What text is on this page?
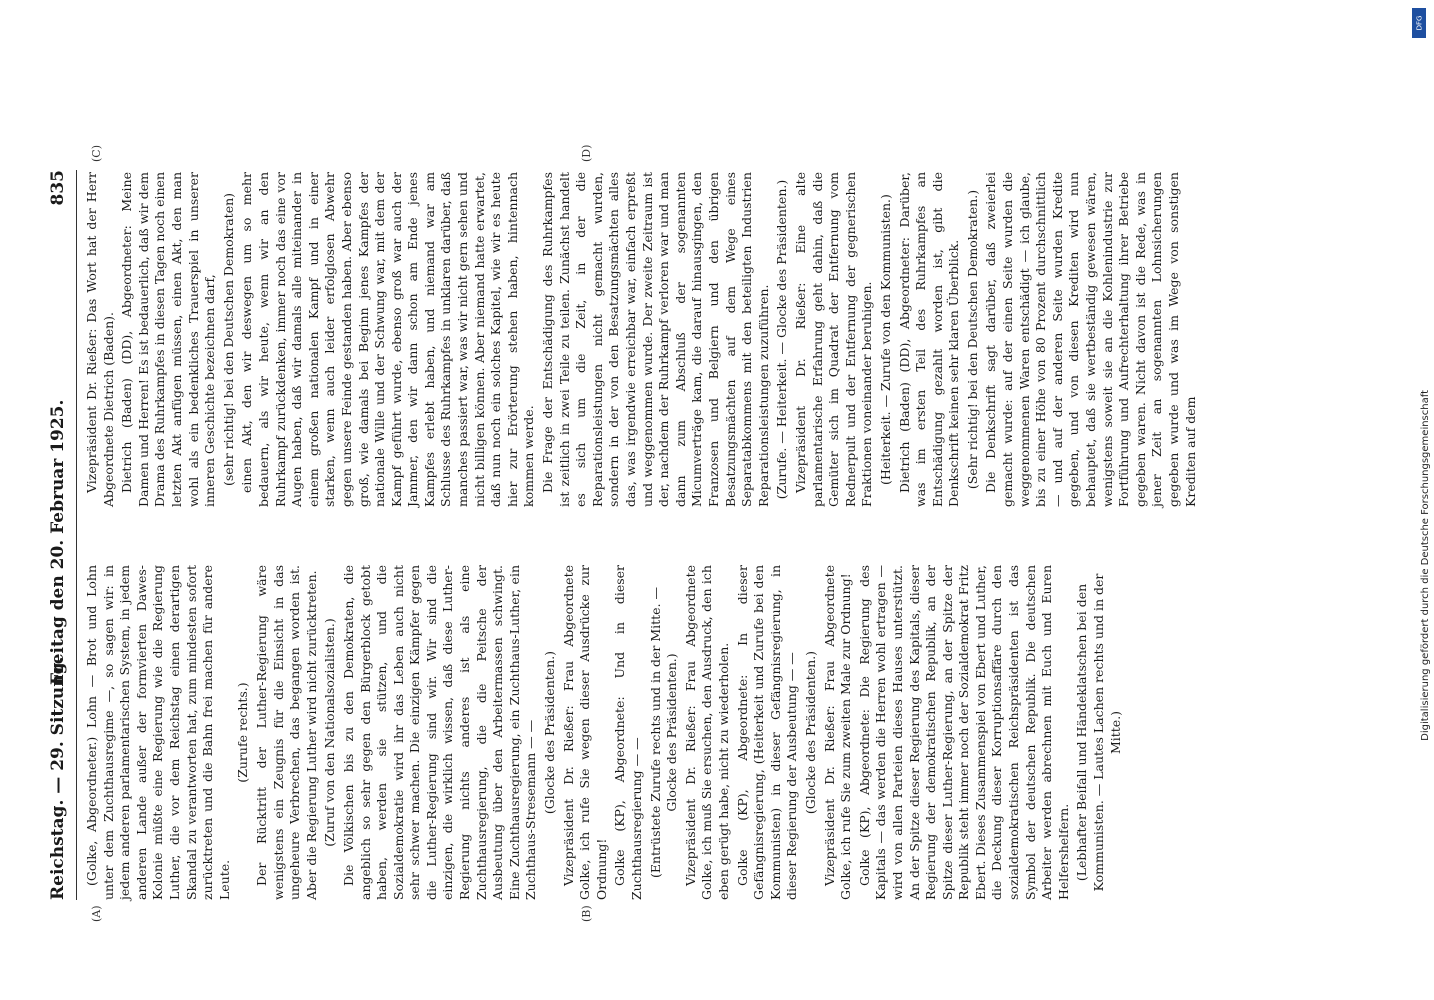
Reichstag. — 29. Sitzung.
Freitag den 20. Februar 1925.
835
(A)	(B)
(C)	(D)

(Golke, Abgeordneter.) Lohn — Brot und Lohn unter dem Zuchthausregime —, so sagen wir: in jedem anderen parlamentarischen System, in jedem anderen Lande außer der formvierten Dawes-Kolonie müßte eine Regierung wie die Regierung Luther, die vor dem Reichstag einen derartigen Skandal zu verantworten hat, zum mindesten sofort zurücktreten und die Bahn frei machen für andere Leute.

(Zurufe rechts.) Der Rücktritt der Luther-Regierung wäre wenigstens ein Zeugnis für die Einsicht in das ungeheure Verbrechen, das begangen worden ist. Aber die Regierung Luther wird nicht zurücktreten. (Zuruf von den Nationalsozialisten.) Die Völkischen bis zu den Demokraten, die angeblich so sehr gegen den Bürgerblock getobt haben, werden sie stützen, und die Sozialdemokratie wird ihr das Leben auch nicht sehr schwer machen. Die einzigen Kämpfer gegen die Luther-Regierung sind wir. Wir sind die einzigen, die wirklich wissen, daß diese Luther-Regierung nichts anderes ist als eine Zuchthausregierung, die die Peitsche der Ausbeutung über den Arbeitermassen schwingt. Eine Zuchthausregierung, ein Zuchthaus-Luther, ein Zuchthaus-Stresemann — — (Glocke des Präsidenten.) Vizepräsident Dr. Rießer: Frau Abgeordnete Golke, ich rufe Sie wegen dieser Ausdrücke zur Ordnung! Golke (KP), Abgeordnete: Und in dieser Zuchthausregierung — — (Entrüstete Zurufe rechts und in der Mitte. — Glocke des Präsidenten.) Vizepräsident Dr. Rießer: Frau Abgeordnete Golke, ich muß Sie ersuchen, den Ausdruck, den ich eben gerügt habe, nicht zu wiederholen. Golke (KP), Abgeordnete: In dieser Gefängnisregierung, (Heiterkeit und Zurufe bei den Kommunisten) in dieser Gefängnisregierung, in dieser Regierung der Ausbeutung — — (Glocke des Präsidenten.) Vizepräsident Dr. Rießer: Frau Abgeordnete Golke, ich rufe Sie zum zweiten Male zur Ordnung! Golke (KP), Abgeordnete: Die Regierung des Kapitals — das werden die Herren wohl ertragen — wird von allen Parteien dieses Hauses unterstützt. An der Spitze dieser Regierung des Kapitals, dieser Regierung der demokratischen Republik, an der Spitze dieser Luther-Regierung, an der Spitze der Republik steht immer noch der Sozialdemokrat Fritz Ebert. Dieses Zusammenspiel von Ebert und Luther, die Deckung dieser Korruptionsaffäre durch den sozialdemokratischen Reichspräsidenten ist das Symbol der deutschen Republik. Die deutschen Arbeiter werden abrechnen mit Euch und Euren Helfershelfern. (Lebhafter Beifall und Händeklatschen bei den Kommunisten. — Lautes Lachen rechts und in der Mitte.)

Vizepräsident Dr. Rießer: Das Wort hat der Herr Abgeordnete Dietrich (Baden). Dietrich (Baden) (DD), Abgeordneter: Meine Damen und Herren! Es ist bedauerlich, daß wir dem Drama des Ruhrkampfes in diesen Tagen noch einen letzten Akt anfügen müssen, einen Akt, den man wohl als ein bedenkliches Trauerspiel in unserer inneren Geschichte bezeichnen darf, (sehr richtig! bei den Deutschen Demokraten) einen Akt, den wir deswegen um so mehr bedauern, als wir heute, wenn wir an den Ruhrkampf zurückdenken, immer noch das eine vor Augen haben, daß wir damals alle miteinander in einem großen nationalen Kampf und in einer starken, wenn auch leider erfolglosen Abwehr gegen unsere Feinde gestanden haben. Aber ebenso groß, wie damals bei Beginn jenes Kampfes der nationale Wille und der Schwung war, mit dem der Kampf geführt wurde, ebenso groß war auch der Jammer, den wir dann schon am Ende jenes Kampfes erlebt haben, und niemand war am Schlusse des Ruhrkampfes in unklaren darüber, daß manches passiert war, was wir nicht gern sehen und nicht billigen können. Aber niemand hatte erwartet, daß nun noch ein solches Kapitel, wie wir es heute hier zur Erörterung stehen haben, hintennach kommen werde. Die Frage der Entschädigung des Ruhrkampfes ist zeitlich in zwei Teile zu teilen. Zunächst handelt es sich um die Zeit, in der die Reparationsleistungen nicht gemacht wurden, sondern in der von den Besatzungsmächten alles das, was irgendwie erreichbar war, einfach erpreßt und weggenommen wurde. Der zweite Zeitraum ist der, nachdem der Ruhrkampf verloren war und man dann zum Abschluß der sogenannten Micumverträge kam, die darauf hinausgingen, den Franzosen und Belgiern und den übrigen Besatzungsmächten auf dem Wege eines Separatabkommens mit den beteiligten Industrien Reparationsleistungen zuzuführen. (Zurufe. — Heiterkeit. — Glocke des Präsidenten.) Vizepräsident Dr. Rießer: Eine alte parlamentarische Erfahrung geht dahin, daß die Gemüter sich im Quadrat der Entfernung vom Rednerpult und der Entfernung der gegnerischen Fraktionen voneinander beruhigen. (Heiterkeit. — Zurufe von den Kommunisten.) Dietrich (Baden) (DD), Abgeordneter: Darüber, was im ersten Teil des Ruhrkampfes an Entschädigung gezahlt worden ist, gibt die Denkschrift keinen sehr klaren Überblick. (Sehr richtig! bei den Deutschen Demokraten.) Die Denkschrift sagt darüber, daß zweierlei gemacht wurde: auf der einen Seite wurden die weggenommenen Waren entschädigt — ich glaube, bis zu einer Höhe von 80 Prozent durchschnittlich — und auf der anderen Seite wurden Kredite gegeben, und von diesen Krediten wird nun behauptet, daß sie wertbeständig gewesen wären, wenigstens soweit sie an die Kohlenindustrie zur Fortführung und Aufrechterhaltung ihrer Betriebe gegeben waren. Nicht davon ist die Rede, was in jener Zeit an sogenannten Lohnsicherungen gegeben wurde und was im Wege von sonstigen Krediten auf dem

DFG
Digitalisierung gefördert durch die Deutsche Forschungsgemeinschaft
